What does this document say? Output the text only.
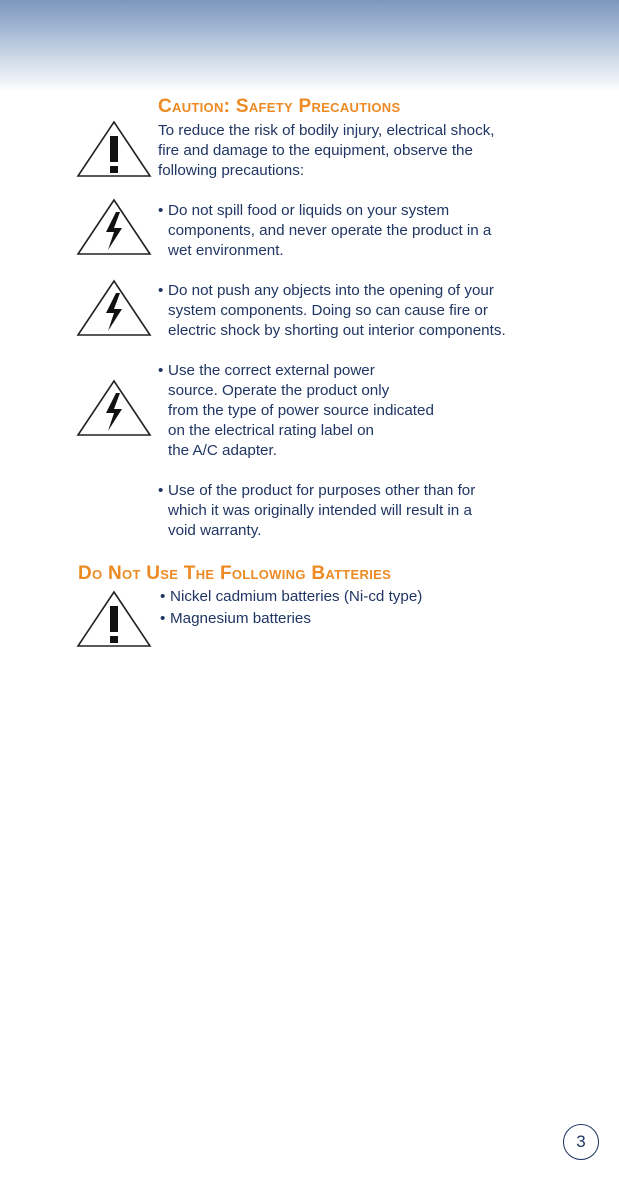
Caution: Safety Precautions

To reduce the risk of bodily injury, electrical shock,

fire and damage to the equipment, observe the

following precautions:

• Do not spill food or liquids on your system

components, and never operate the product in a

wet environment.

• Do not push any objects into the opening of your

system components. Doing so can cause fire or

electric shock by shorting out interior components.

• Use the correct external power

source. Operate the product only

from the type of power source indicated

on the electrical rating label on

the A/C adapter.

• Use of the product for purposes other than for

which it was originally intended will result in a

void warranty.

Do Not Use The Following Batteries

• Nickel cadmium batteries (Ni-cd type)

• Magnesium batteries

3
